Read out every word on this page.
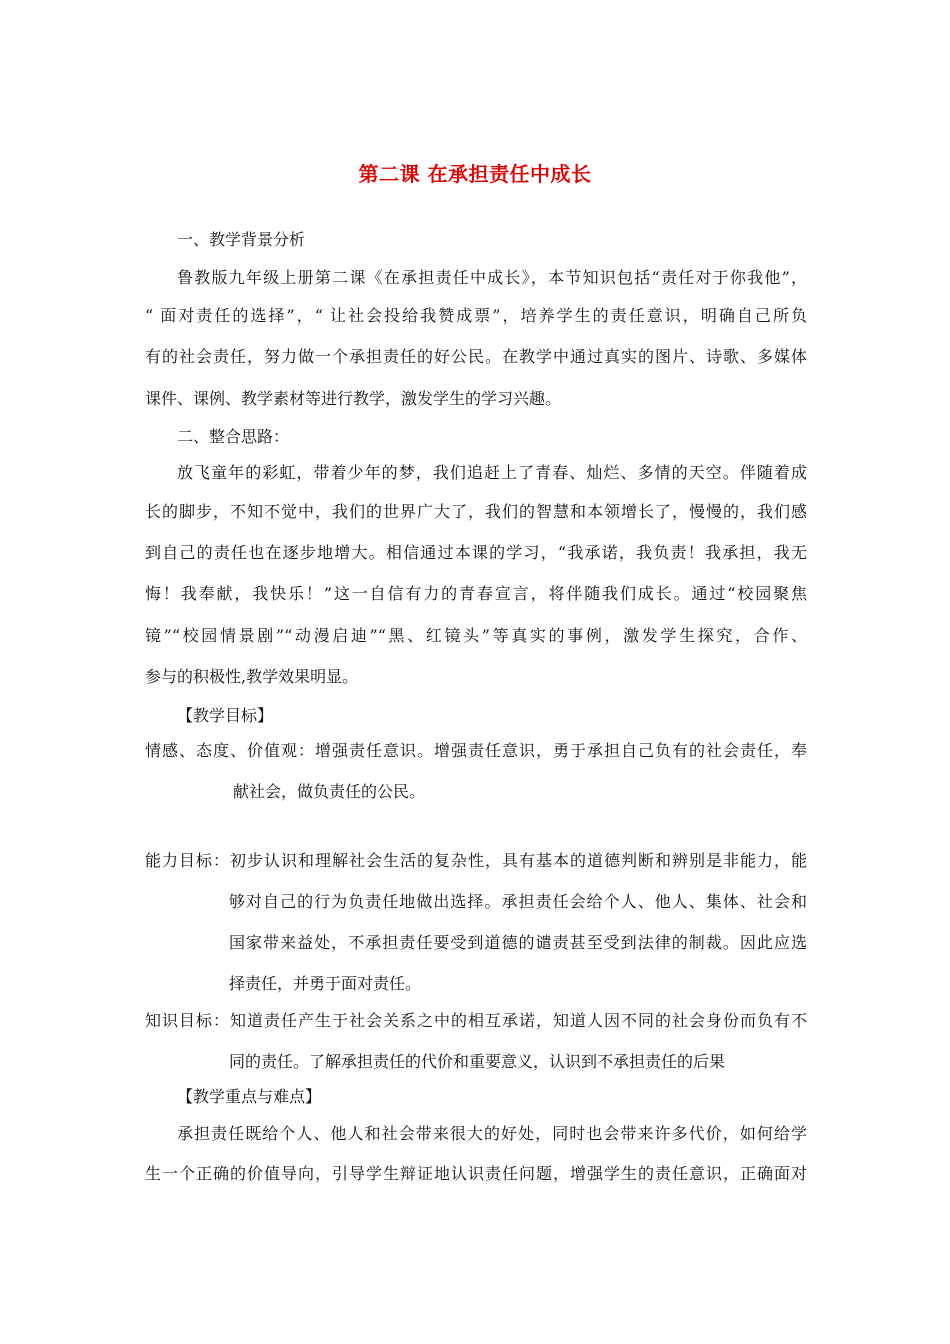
第二课 在承担责任中成长
一、教学背景分析
鲁教版九年级上册第二课《在承担责任中成长》，本节知识包括“责任对于你我他”，
“ 面对责任的选择”，“ 让社会投给我赞成票”，培养学生的责任意识，明确自己所负
有的社会责任，努力做一个承担责任的好公民。在教学中通过真实的图片、诗歌、多媒体
课件、课例、教学素材等进行教学，激发学生的学习兴趣。
二、整合思路：
放飞童年的彩虹，带着少年的梦，我们追赶上了青春、灿烂、多情的天空。伴随着成
长的脚步，不知不觉中，我们的世界广大了，我们的智慧和本领增长了，慢慢的，我们感
到自己的责任也在逐步地增大。相信通过本课的学习，“我承诺，我负责！我承担，我无
悔！我奉献，我快乐！”这一自信有力的青春宣言，将伴随我们成长。通过“校园聚焦
镜”“校园情景剧”“动漫启迪”“黑、红镜头”等真实的事例，激发学生探究，合作、
参与的积极性,教学效果明显。
【教学目标】
情感、态度、价值观：增强责任意识。增强责任意识，勇于承担自己负有的社会责任，奉
献社会，做负责任的公民。
能力目标：初步认识和理解社会生活的复杂性，具有基本的道德判断和辨别是非能力，能
够对自己的行为负责任地做出选择。承担责任会给个人、他人、集体、社会和
国家带来益处，不承担责任要受到道德的谴责甚至受到法律的制裁。因此应选
择责任，并勇于面对责任。
知识目标：知道责任产生于社会关系之中的相互承诺，知道人因不同的社会身份而负有不
同的责任。了解承担责任的代价和重要意义，认识到不承担责任的后果
【教学重点与难点】
承担责任既给个人、他人和社会带来很大的好处，同时也会带来许多代价，如何给学
生一个正确的价值导向，引导学生辩证地认识责任问题，增强学生的责任意识，正确面对
